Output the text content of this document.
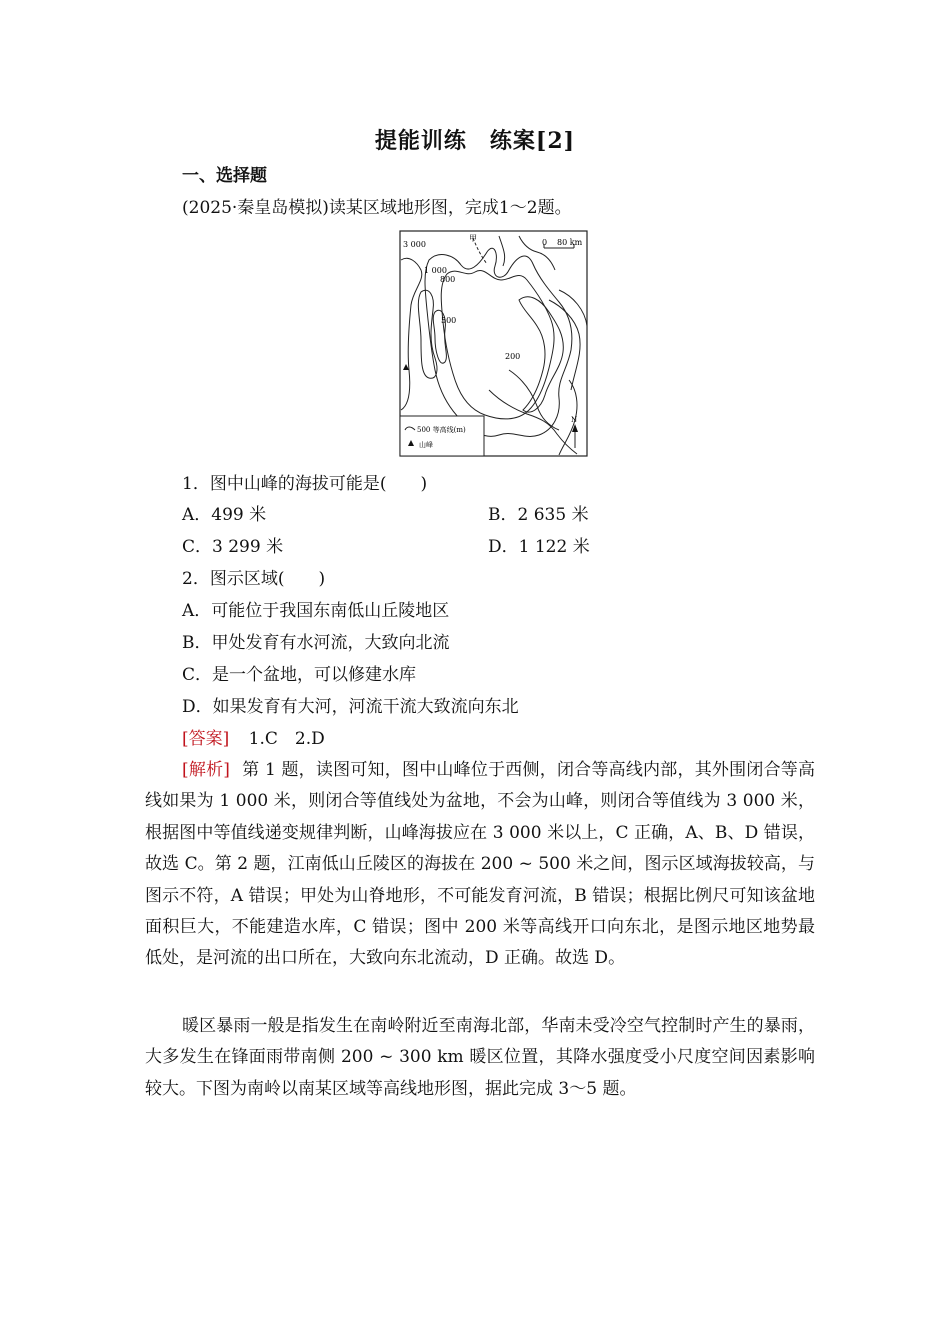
提能训练　练案[2]
一、选择题
(2025·秦皇岛模拟)读某区域地形图，完成1～2题。
3 000
1 000
800
500
200
甲	0 80 km
N
500 等高线(m)
山峰
1．图中山峰的海拔可能是(　　)
A．499 米	B．2 635 米
C．3 299 米	D．1 122 米
2．图示区域(　　)
A．可能位于我国东南低山丘陵地区
B．甲处发育有水河流，大致向北流
C．是一个盆地，可以修建水库
D．如果发育有大河，河流干流大致流向东北
[答案] 1.C　2.D
[解析] 第 1 题，读图可知，图中山峰位于西侧，闭合等高线内部，其外围闭合等高线如果为 1 000 米，则闭合等值线处为盆地，不会为山峰，则闭合等值线为 3 000 米，根据图中等值线递变规律判断，山峰海拔应在 3 000 米以上，C 正确，A、B、D 错误，故选 C。第 2 题，江南低山丘陵区的海拔在 200 ~ 500 米之间，图示区域海拔较高，与图示不符，A 错误；甲处为山脊地形，不可能发育河流，B 错误；根据比例尺可知该盆地面积巨大，不能建造水库，C 错误；图中 200 米等高线开口向东北，是图示地区地势最低处，是河流的出口所在，大致向东北流动，D 正确。故选 D。
暖区暴雨一般是指发生在南岭附近至南海北部，华南未受冷空气控制时产生的暴雨，大多发生在锋面雨带南侧 200 ~ 300 km 暖区位置，其降水强度受小尺度空间因素影响较大。下图为南岭以南某区域等高线地形图，据此完成 3～5 题。
